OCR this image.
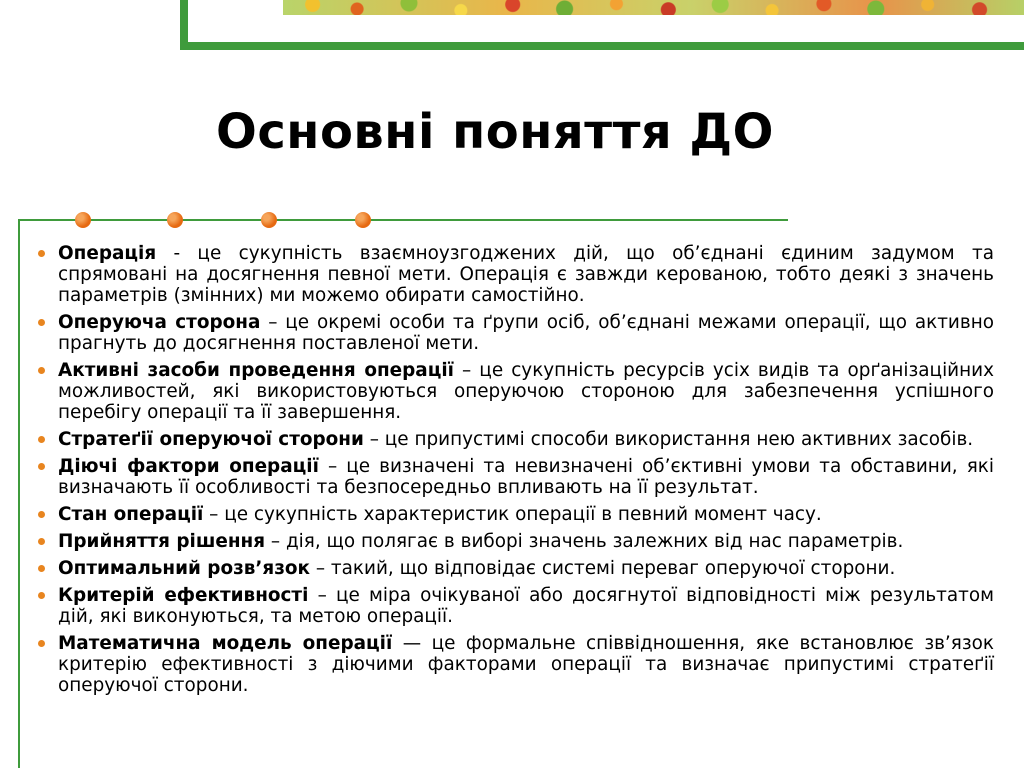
Основні поняття ДО
Операція - це сукупність взаємноузгоджених дій, що об’єднані єдиним задумом та спрямовані на досягнення певної мети. Операція є завжди керованою, тобто деякі з значень параметрів (змінних) ми можемо обирати самостійно.
Оперуюча сторона – це окремі особи та ґрупи осіб, об’єднані межами операції, що активно прагнуть до досягнення поставленої мети.
Активні засоби проведення операції – це сукупність ресурсів усіх видів та орґанізаційних можливостей, які використовуються оперуючою стороною для забезпечення успішного перебігу операції та її завершення.
Стратеґії оперуючої сторони – це припустимі способи використання нею активних засобів.
Діючі фактори операції – це визначені та невизначені об’єктивні умови та обставини, які визначають її особливості та безпосередньо впливають на її результат.
Стан операції – це сукупність характеристик операції в певний момент часу.
Прийняття рішення – дія, що полягає в виборі значень залежних від нас параметрів.
Оптимальний розв’язок – такий, що відповідає системі переваг оперуючої сторони.
Критерій ефективності – це міра очікуваної або досягнутої відповідності між результатом дій, які виконуються, та метою операції.
Математична модель операції — це формальне співвідношення, яке встановлює зв’язок критерію ефективності з діючими факторами операції та визначає припустимі стратеґії оперуючої сторони.
